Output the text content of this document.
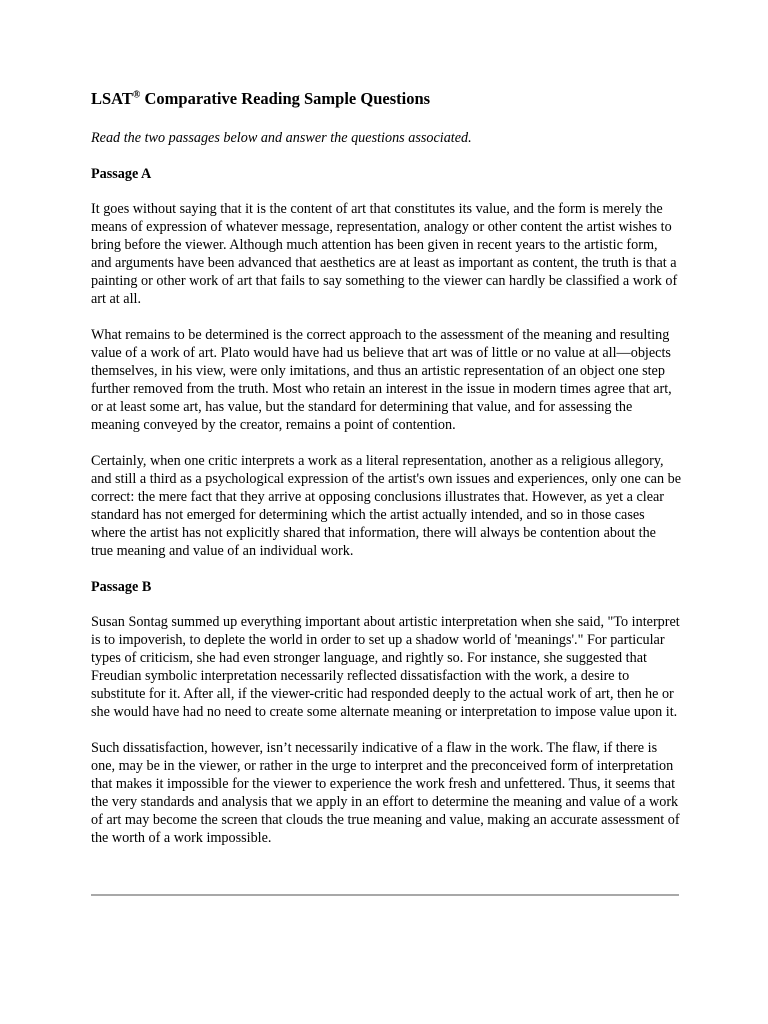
LSAT® Comparative Reading Sample Questions
Read the two passages below and answer the questions associated.
Passage A

It goes without saying that it is the content of art that constitutes its value, and the form is merely the means of expression of whatever message, representation, analogy or other content the artist wishes to bring before the viewer. Although much attention has been given in recent years to the artistic form, and arguments have been advanced that aesthetics are at least as important as content, the truth is that a painting or other work of art that fails to say something to the viewer can hardly be classified a work of art at all.

What remains to be determined is the correct approach to the assessment of the meaning and resulting value of a work of art. Plato would have had us believe that art was of little or no value at all—objects themselves, in his view, were only imitations, and thus an artistic representation of an object one step further removed from the truth. Most who retain an interest in the issue in modern times agree that art, or at least some art, has value, but the standard for determining that value, and for assessing the meaning conveyed by the creator, remains a point of contention.

Certainly, when one critic interprets a work as a literal representation, another as a religious allegory, and still a third as a psychological expression of the artist's own issues and experiences, only one can be correct: the mere fact that they arrive at opposing conclusions illustrates that. However, as yet a clear standard has not emerged for determining which the artist actually intended, and so in those cases where the artist has not explicitly shared that information, there will always be contention about the true meaning and value of an individual work.

Passage B

Susan Sontag summed up everything important about artistic interpretation when she said, "To interpret is to impoverish, to deplete the world in order to set up a shadow world of 'meanings'." For particular types of criticism, she had even stronger language, and rightly so. For instance, she suggested that Freudian symbolic interpretation necessarily reflected dissatisfaction with the work, a desire to substitute for it. After all, if the viewer-critic had responded deeply to the actual work of art, then he or she would have had no need to create some alternate meaning or interpretation to impose value upon it.

Such dissatisfaction, however, isn’t necessarily indicative of a flaw in the work. The flaw, if there is one, may be in the viewer, or rather in the urge to interpret and the preconceived form of interpretation that makes it impossible for the viewer to experience the work fresh and unfettered. Thus, it seems that the very standards and analysis that we apply in an effort to determine the meaning and value of a work of art may become the screen that clouds the true meaning and value, making an accurate assessment of the worth of a work impossible.
